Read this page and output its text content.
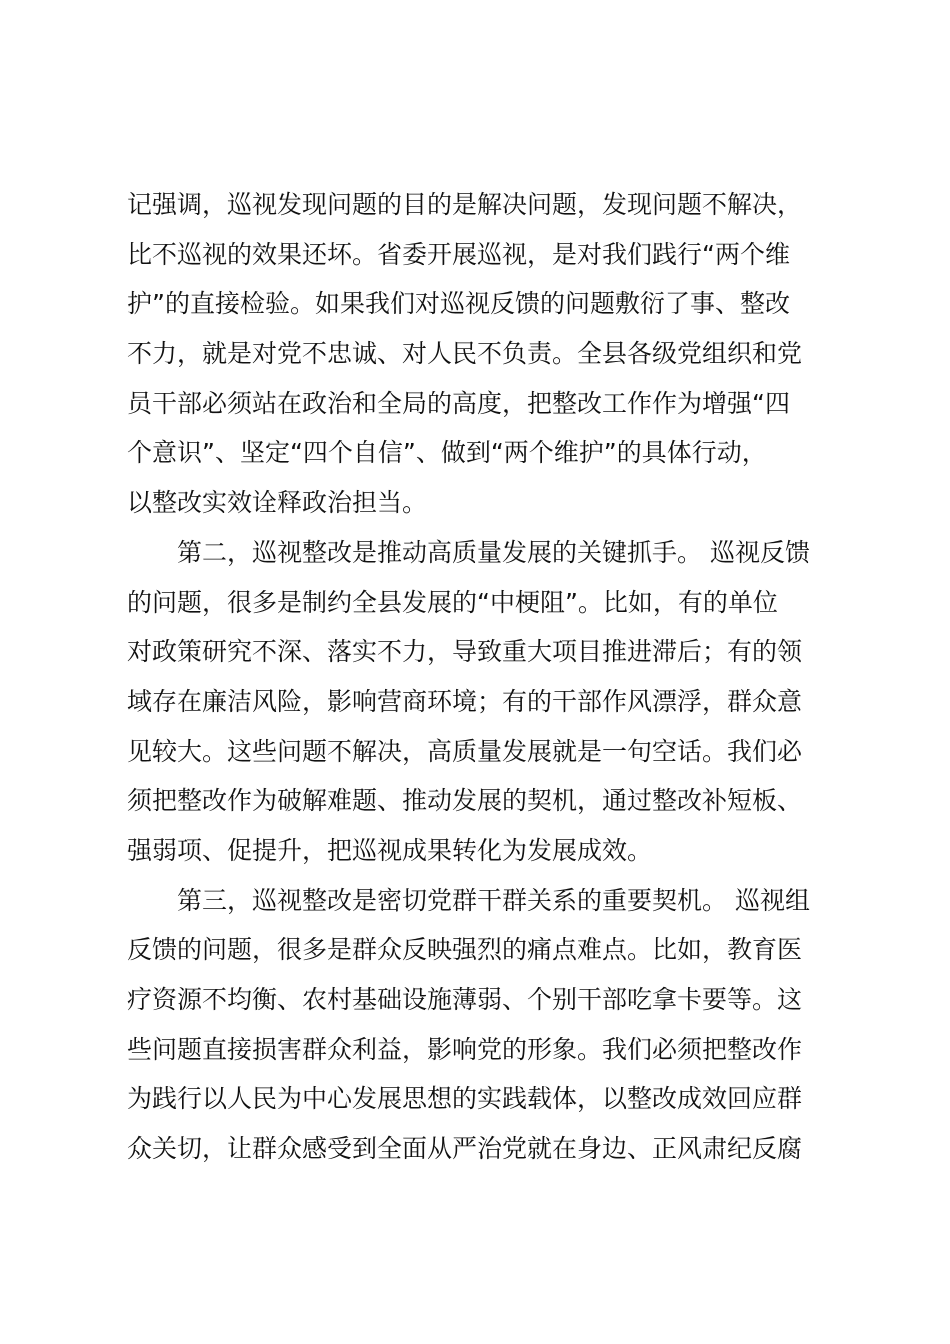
记强调，巡视发现问题的目的是解决问题，发现问题不解决，
比不巡视的效果还坏。省委开展巡视，是对我们践行“两个维
护”的直接检验。如果我们对巡视反馈的问题敷衍了事、整改
不力，就是对党不忠诚、对人民不负责。全县各级党组织和党
员干部必须站在政治和全局的高度，把整改工作作为增强“四
个意识”、坚定“四个自信”、做到“两个维护”的具体行动，
以整改实效诠释政治担当。
第二，巡视整改是推动高质量发展的关键抓手。 巡视反馈
的问题，很多是制约全县发展的“中梗阻”。比如，有的单位
对政策研究不深、落实不力，导致重大项目推进滞后；有的领
域存在廉洁风险，影响营商环境；有的干部作风漂浮，群众意
见较大。这些问题不解决，高质量发展就是一句空话。我们必
须把整改作为破解难题、推动发展的契机，通过整改补短板、
强弱项、促提升，把巡视成果转化为发展成效。
第三，巡视整改是密切党群干群关系的重要契机。 巡视组
反馈的问题，很多是群众反映强烈的痛点难点。比如，教育医
疗资源不均衡、农村基础设施薄弱、个别干部吃拿卡要等。这
些问题直接损害群众利益，影响党的形象。我们必须把整改作
为践行以人民为中心发展思想的实践载体，以整改成效回应群
众关切，让群众感受到全面从严治党就在身边、正风肃纪反腐
